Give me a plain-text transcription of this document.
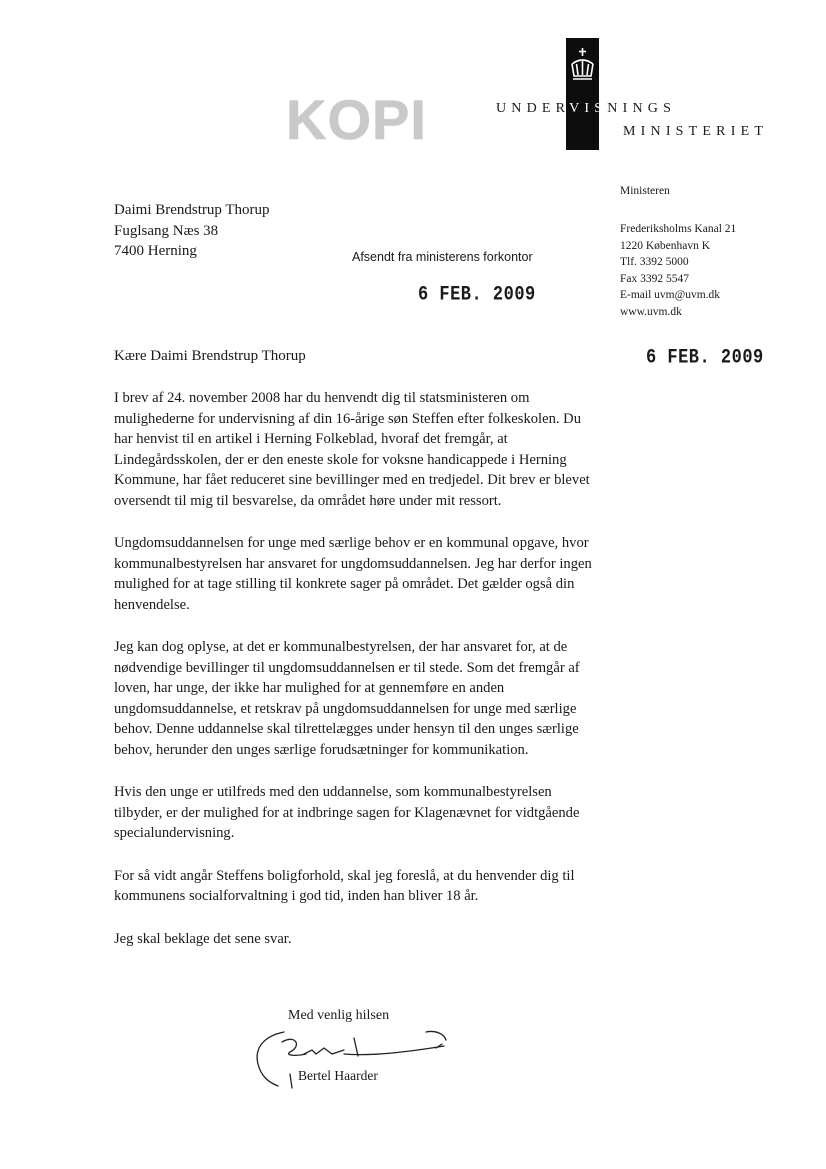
KOPI	UNDERVISNINGS
MINISTERIET
Ministeren
Frederiksholms Kanal 21
1220 København K
Tlf. 3392 5000
Fax 3392 5547
E-mail uvm@uvm.dk
www.uvm.dk
Daimi Brendstrup Thorup
Fuglsang Næs 38
7400 Herning	Afsendt fra ministerens forkontor
6 FEB. 2009
6 FEB. 2009
Kære Daimi Brendstrup Thorup

I brev af 24. november 2008 har du henvendt dig til statsministeren om mulighederne for undervisning af din 16-årige søn Steffen efter folkeskolen. Du har henvist til en artikel i Herning Folkeblad, hvoraf det fremgår, at Lindegårdsskolen, der er den eneste skole for voksne handicappede i Herning Kommune, har fået reduceret sine bevillinger med en tredjedel. Dit brev er blevet oversendt til mig til besvarelse, da området høre under mit ressort.

Ungdomsuddannelsen for unge med særlige behov er en kommunal opgave, hvor kommunalbestyrelsen har ansvaret for ungdomsuddannelsen. Jeg har derfor ingen mulighed for at tage stilling til konkrete sager på området. Det gælder også din henvendelse.

Jeg kan dog oplyse, at det er kommunalbestyrelsen, der har ansvaret for, at de nødvendige bevillinger til ungdomsuddannelsen er til stede. Som det fremgår af loven, har unge, der ikke har mulighed for at gennemføre en anden ungdomsuddannelse, et retskrav på ungdomsuddannelsen for unge med særlige behov. Denne uddannelse skal tilrettelægges under hensyn til den unges særlige behov, herunder den unges særlige forudsætninger for kommunikation.

Hvis den unge er utilfreds med den uddannelse, som kommunalbestyrelsen tilbyder, er der mulighed for at indbringe sagen for Klagenævnet for vidtgående specialundervisning.

For så vidt angår Steffens boligforhold, skal jeg foreslå, at du henvender dig til kommunens socialforvaltning i god tid, inden han bliver 18 år.

Jeg skal beklage det sene svar.

Med venlig hilsen
Bertel Haarder
